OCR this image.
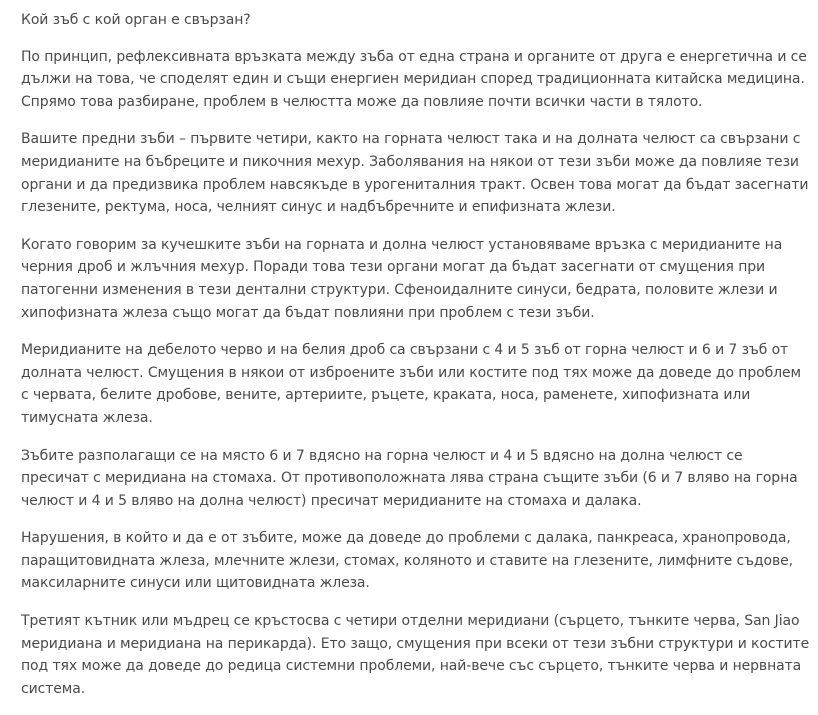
Кой зъб с кой орган е свързан?

По принцип, рефлексивната връзката между зъба от една страна и органите от друга е енергетична и се дължи на това, че споделят един и същи енергиен меридиан според традиционната китайска медицина. Спрямо това разбиране, проблем в челюстта може да повлияе почти всички части в тялото.

Вашите предни зъби – първите четири, както на горната челюст така и на долната челюст са свързани с меридианите на бъбреците и пикочния мехур. Заболявания на някои от тези зъби може да повлияе тези органи и да предизвика проблем навсякъде в урогениталния тракт. Освен това могат да бъдат засегнати глезените, ректума, носа, челният синус и надбъбречните и епифизната жлези.

Когато говорим за кучешките зъби на горната и долна челюст установяваме връзка с меридианите на черния дроб и жлъчния мехур. Поради това тези органи могат да бъдат засегнати от смущения при патогенни изменения в тези дентални структури. Сфеноидалните синуси, бедрата, половите жлези и хипофизната жлеза също могат да бъдат повлияни при проблем с тези зъби.

Меридианите на дебелото черво и на белия дроб са свързани с 4 и 5 зъб от горна челюст и 6 и 7 зъб от долната челюст. Смущения в някои от изброените зъби или костите под тях може да доведе до проблем с червата, белите дробове, вените, артериите, ръцете, краката, носа, раменете, хипофизната или тимусната жлеза.

Зъбите разполагащи се на място 6 и 7 вдясно на горна челюст и 4 и 5 вдясно на долна челюст се пресичат с меридиана на стомаха. От противоположната лява страна същите зъби (6 и 7 вляво на горна челюст и 4 и 5 вляво на долна челюст) пресичат меридианите на стомаха и далака.

Нарушения, в който и да е от зъбите, може да доведе до проблеми с далака, панкреаса, хранопровода, паращитовидната жлеза, млечните жлези, стомах, коляното и ставите на глезените, лимфните съдове, максиларните синуси или щитовидната жлеза.

Третият кътник или мъдрец се кръстосва с четири отделни меридиани (сърцето, тънките черва, San Jiao меридиана и меридиана на перикарда). Ето защо, смущения при всеки от тези зъбни структури и костите под тях може да доведе до редица системни проблеми, най-вече със сърцето, тънките черва и нервната система.
